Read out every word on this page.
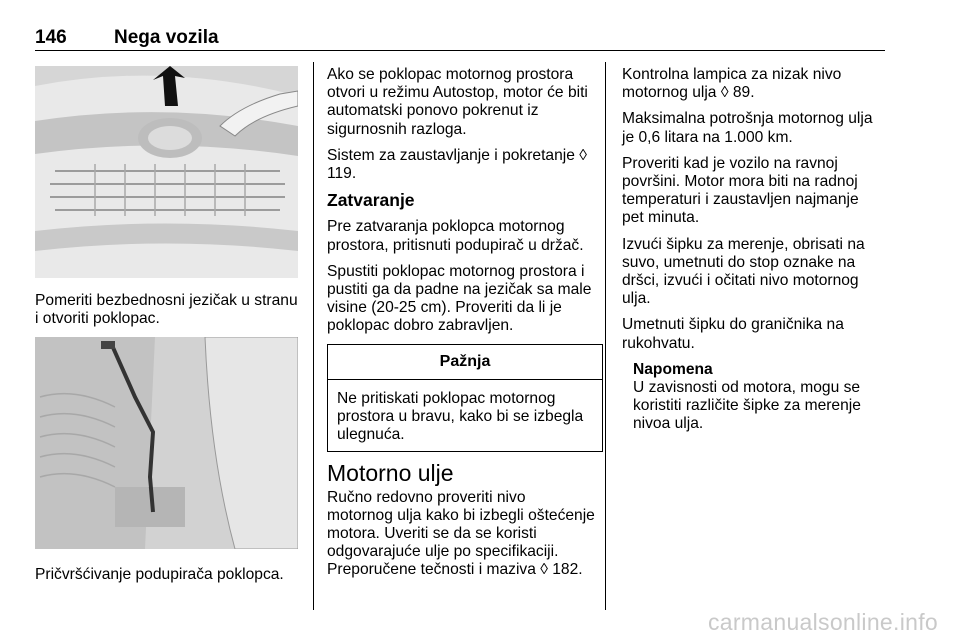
146 Nega vozila
Pomeriti bezbednosni jezičak u stranu i otvoriti poklopac.
Pričvršćivanje podupirača poklopca.

Ako se poklopac motornog prostora otvori u režimu Autostop, motor će biti automatski ponovo pokrenut iz sigurnosnih razloga.

Sistem za zaustavljanje i pokretanje ◊ 119.

Zatvaranje

Pre zatvaranja poklopca motornog prostora, pritisnuti podupirač u držač.

Spustiti poklopac motornog prostora i pustiti ga da padne na jezičak sa male visine (20-25 cm). Proveriti da li je poklopac dobro zabravljen.

Pažnja
Ne pritiskati poklopac motornog prostora u bravu, kako bi se izbegla ulegnuća.
Motorno ulje

Ručno redovno proveriti nivo motornog ulja kako bi izbegli oštećenje motora. Uveriti se da se koristi odgovarajuće ulje po specifikaciji. Preporučene tečnosti i maziva ◊ 182.

Kontrolna lampica za nizak nivo motornog ulja ◊ 89.

Maksimalna potrošnja motornog ulja je 0,6 litara na 1.000 km.

Proveriti kad je vozilo na ravnoj površini. Motor mora biti na radnoj temperaturi i zaustavljen najmanje pet minuta.

Izvući šipku za merenje, obrisati na suvo, umetnuti do stop oznake na dršci, izvući i očitati nivo motornog ulja.

Umetnuti šipku do graničnika na rukohvatu.

Napomena
U zavisnosti od motora, mogu se koristiti različite šipke za merenje nivoa ulja.
carmanualsonline.info
